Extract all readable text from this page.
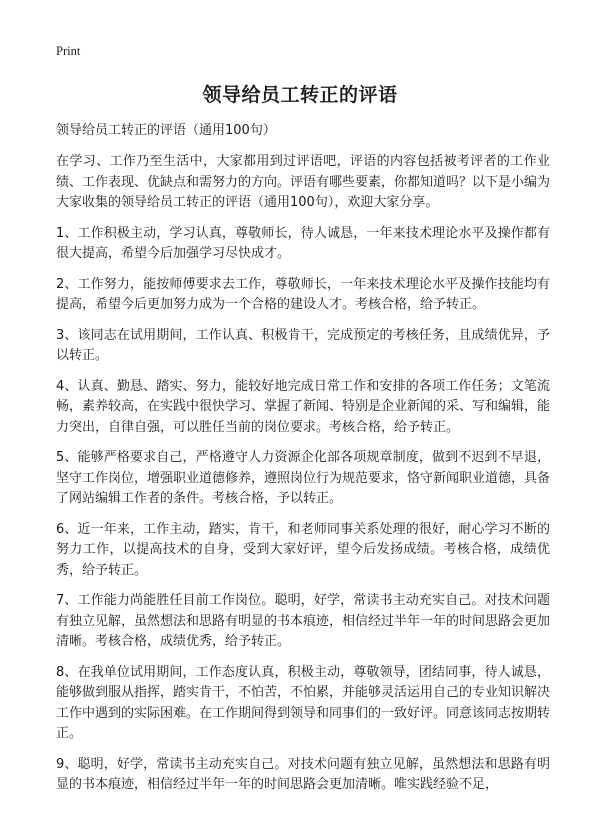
Print
领导给员工转正的评语

领导给员工转正的评语（通用100句）

在学习、工作乃至生活中，大家都用到过评语吧，评语的内容包括被考评者的工作业绩、工作表现、优缺点和需努力的方向。评语有哪些要素，你都知道吗？以下是小编为大家收集的领导给员工转正的评语（通用100句），欢迎大家分享。

1、工作积极主动，学习认真，尊敬师长，待人诚恳，一年来技术理论水平及操作都有很大提高，希望今后加强学习尽快成才。

2、工作努力，能按师傅要求去工作，尊敬师长，一年来技术理论水平及操作技能均有提高，希望今后更加努力成为一个合格的建设人才。考核合格，给予转正。

3、该同志在试用期间，工作认真、积极肯干，完成预定的考核任务，且成绩优异，予以转正。

4、认真、勤恳、踏实、努力，能较好地完成日常工作和安排的各项工作任务；文笔流畅，素养较高，在实践中很快学习、掌握了新闻、特别是企业新闻的采、写和编辑，能力突出，自律自强，可以胜任当前的岗位要求。考核合格，给予转正。

5、能够严格要求自己，严格遵守人力资源企化部各项规章制度，做到不迟到不早退，坚守工作岗位，增强职业道德修养，遵照岗位行为规范要求，恪守新闻职业道德，具备了网站编辑工作者的条件。考核合格，予以转正。

6、近一年来，工作主动，踏实，肯干，和老师同事关系处理的很好，耐心学习不断的努力工作，以提高技术的自身，受到大家好评，望今后发扬成绩。考核合格，成绩优秀，给予转正。

7、工作能力尚能胜任目前工作岗位。聪明，好学，常读书主动充实自己。对技术问题有独立见解，虽然想法和思路有明显的书本痕迹，相信经过半年一年的时间思路会更加清晰。考核合格，成绩优秀，给予转正。

8、在我单位试用期间，工作态度认真，积极主动，尊敬领导，团结同事，待人诚恳，能够做到服从指挥，踏实肯干，不怕苦，不怕累，并能够灵活运用自己的专业知识解决工作中遇到的实际困难。在工作期间得到领导和同事们的一致好评。同意该同志按期转正。

9、聪明，好学，常读书主动充实自己。对技术问题有独立见解，虽然想法和思路有明显的书本痕迹，相信经过半年一年的时间思路会更加清晰。唯实践经验不足，
